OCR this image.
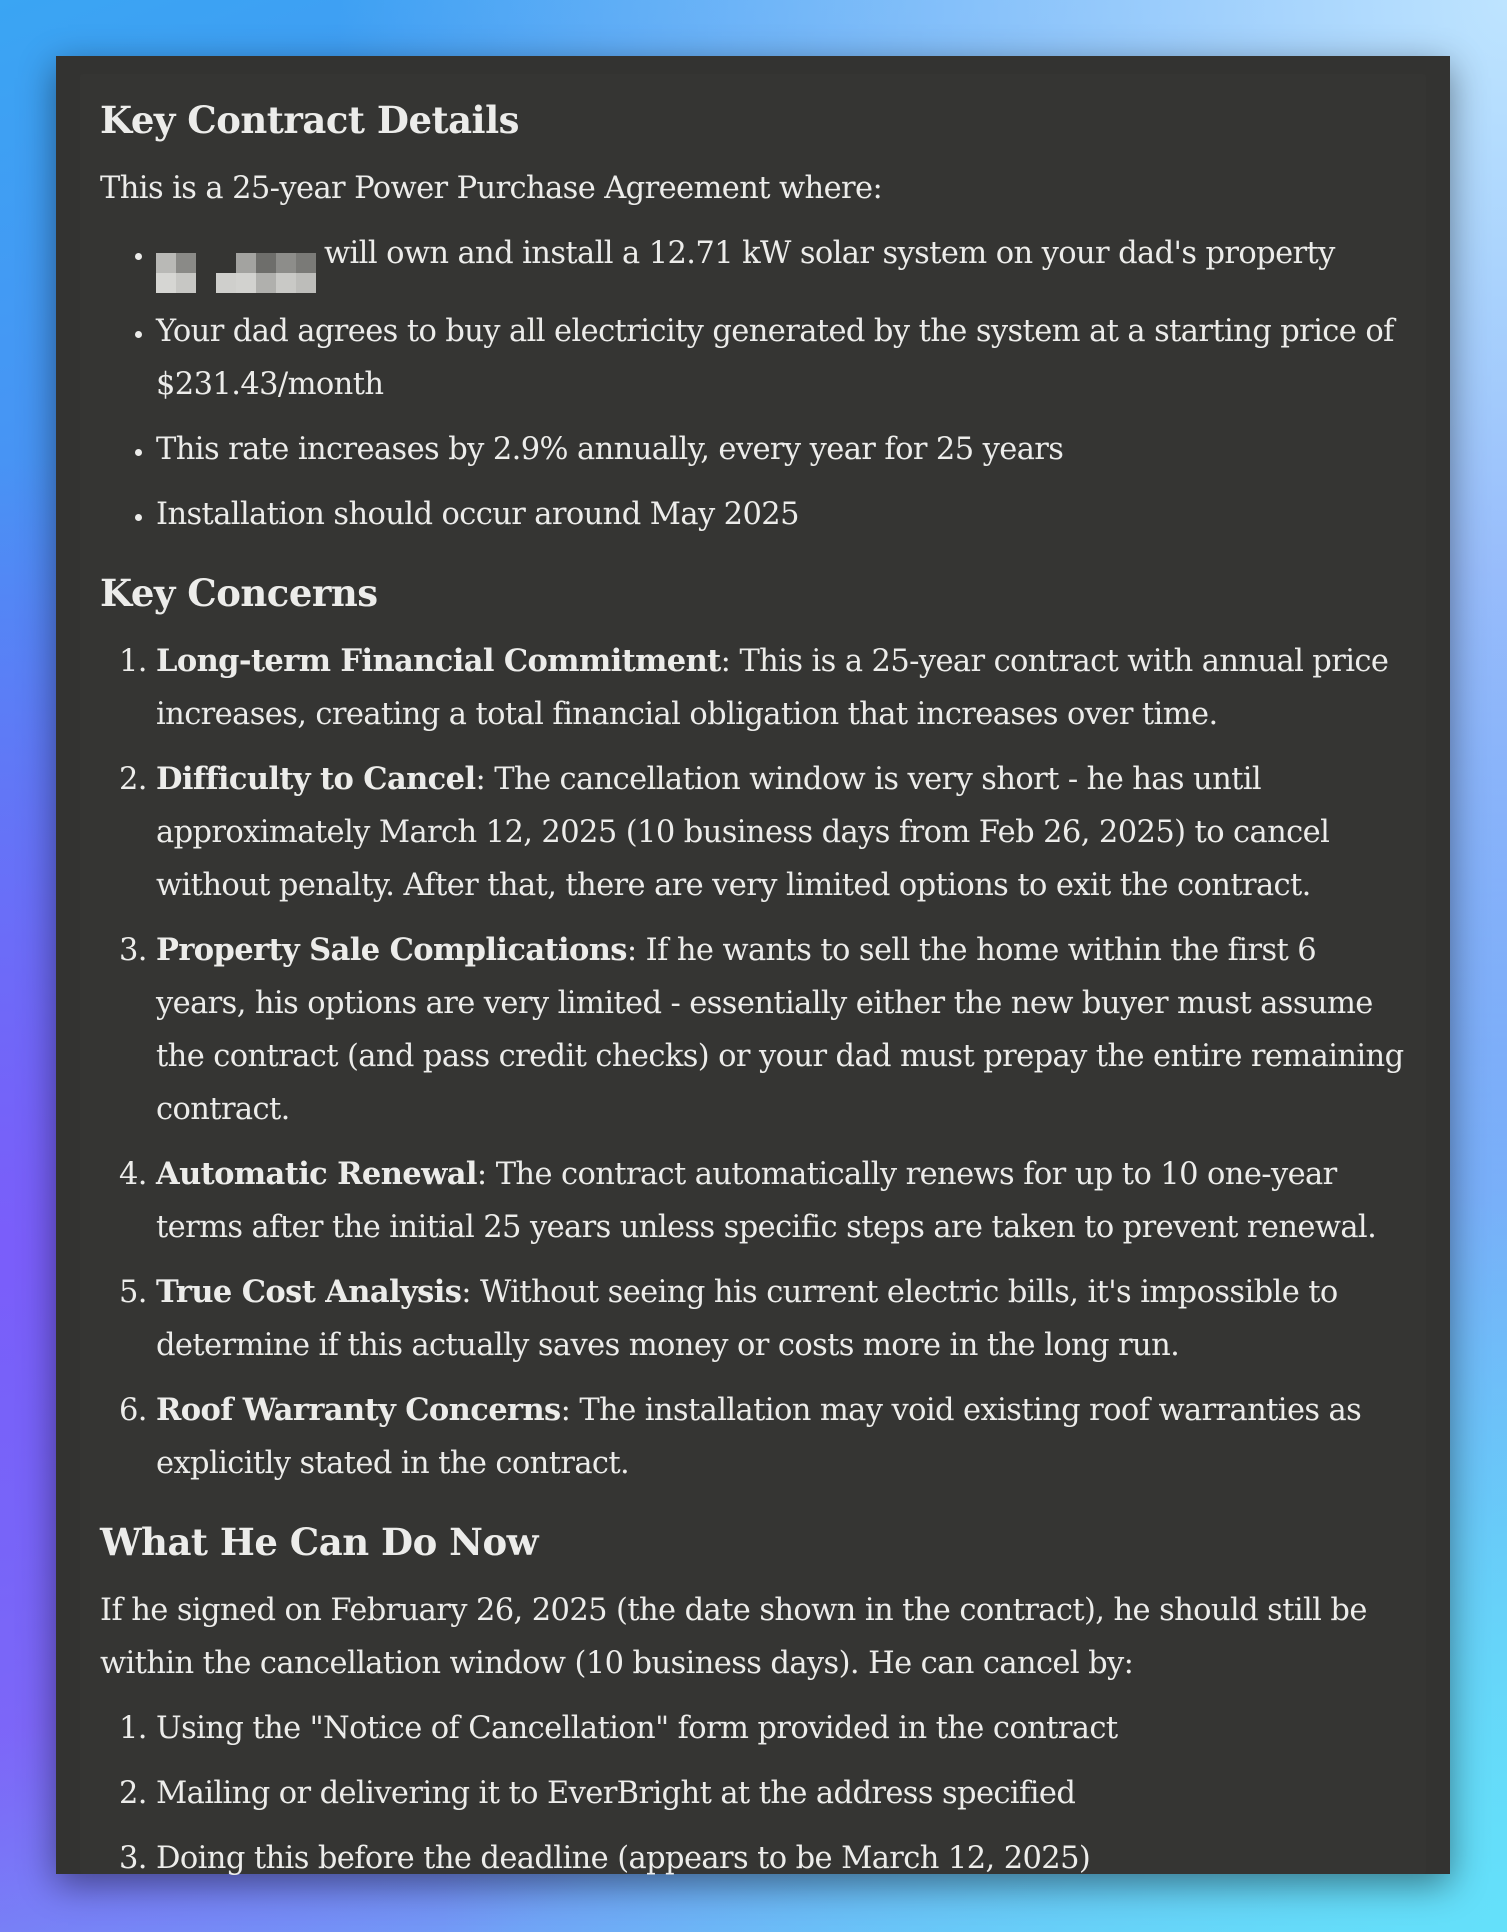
Key Contract Details

This is a 25-year Power Purchase Agreement where:

• will own and install a 12.71 kW solar system on your dad's property
• Your dad agrees to buy all electricity generated by the system at a starting price of $231.43/month
• This rate increases by 2.9% annually, every year for 25 years
• Installation should occur around May 2025
Key Concerns
1. Long-term Financial Commitment: This is a 25-year contract with annual price increases, creating a total financial obligation that increases over time.
2. Difficulty to Cancel: The cancellation window is very short - he has until approximately March 12, 2025 (10 business days from Feb 26, 2025) to cancel without penalty. After that, there are very limited options to exit the contract.
3. Property Sale Complications: If he wants to sell the home within the first 6 years, his options are very limited - essentially either the new buyer must assume the contract (and pass credit checks) or your dad must prepay the entire remaining contract.
4. Automatic Renewal: The contract automatically renews for up to 10 one-year terms after the initial 25 years unless specific steps are taken to prevent renewal.
5. True Cost Analysis: Without seeing his current electric bills, it's impossible to determine if this actually saves money or costs more in the long run.
6. Roof Warranty Concerns: The installation may void existing roof warranties as explicitly stated in the contract.
What He Can Do Now

If he signed on February 26, 2025 (the date shown in the contract), he should still be within the cancellation window (10 business days). He can cancel by:

1. Using the "Notice of Cancellation" form provided in the contract
2. Mailing or delivering it to EverBright at the address specified
3. Doing this before the deadline (appears to be March 12, 2025)
